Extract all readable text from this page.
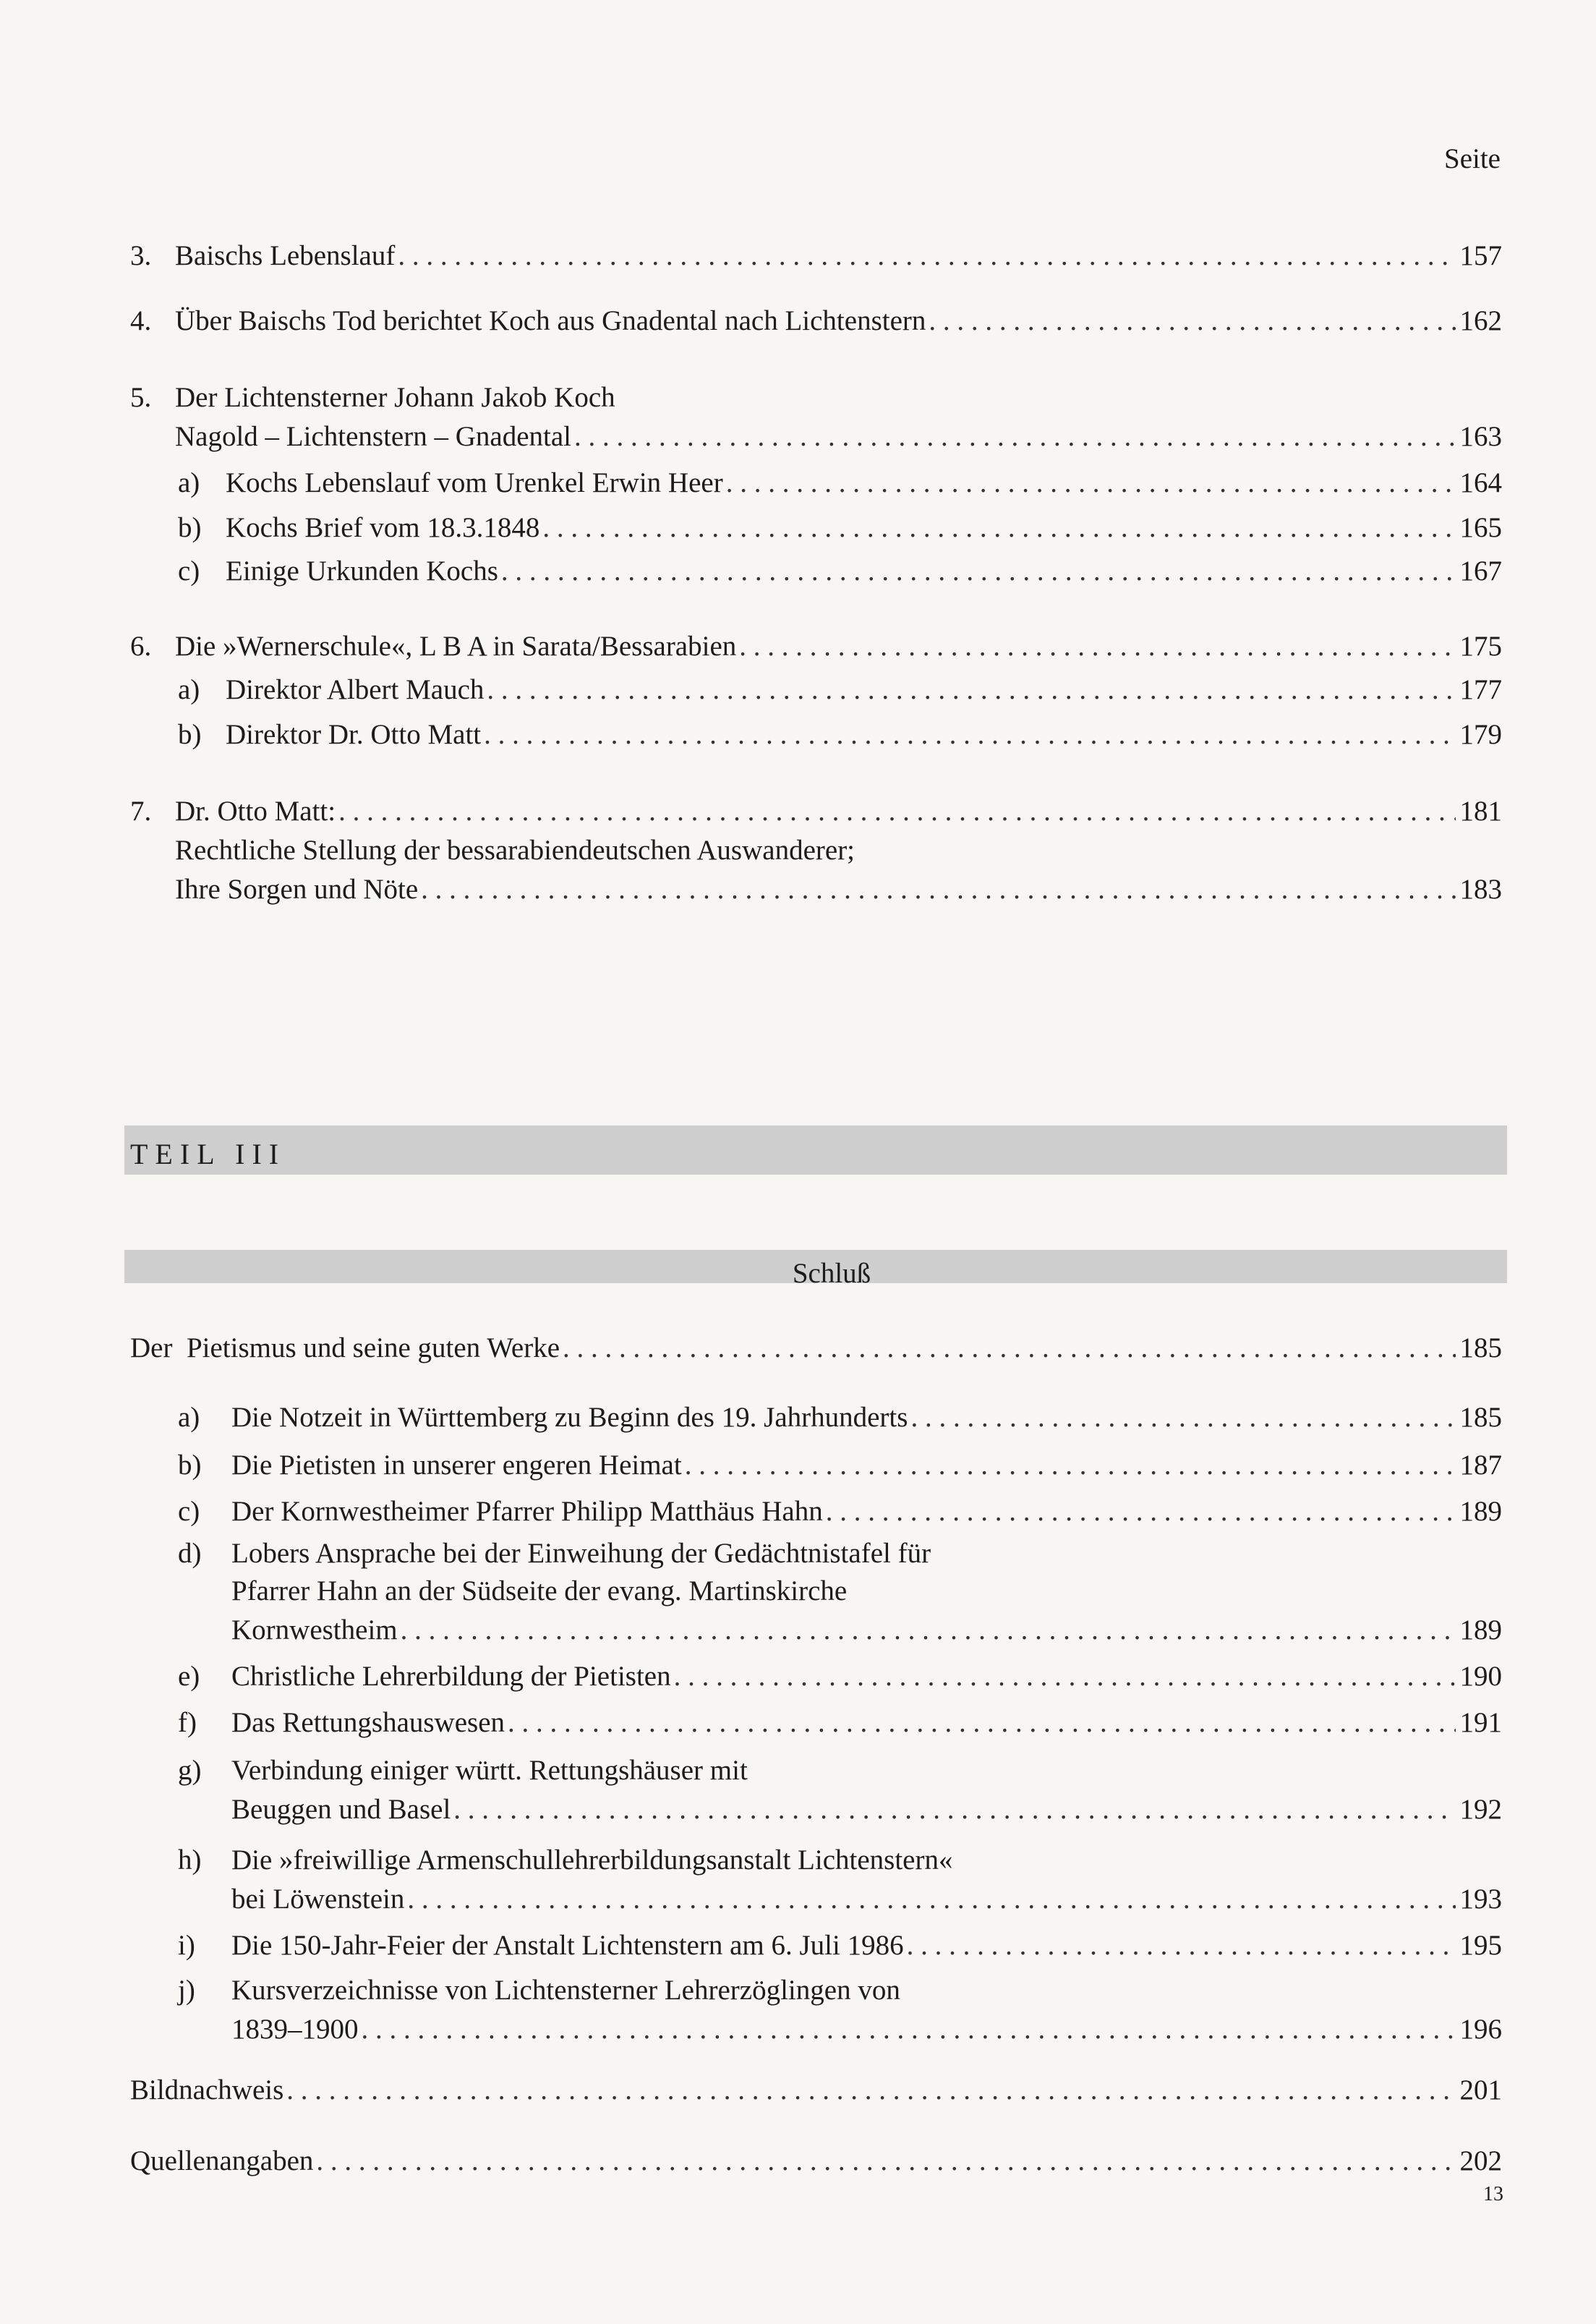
Seite
3. Baischs Lebenslauf . . .	157
4. Über Baischs Tod berichtet Koch aus Gnadental nach Lichtenstern . . .	162
5. Der Lichtensterner Johann Jakob Koch
Nagold – Lichtenstern – Gnadental . . .	163
a) Kochs Lebenslauf vom Urenkel Erwin Heer . . .	164
b) Kochs Brief vom 18.3.1848 . . .	165
c) Einige Urkunden Kochs . . .	167
6. Die »Wernerschule«, L B A in Sarata/Bessarabien . . .	175
a) Direktor Albert Mauch . . .	177
b) Direktor Dr. Otto Matt . . .	179
7. Dr. Otto Matt: . . .	181
Rechtliche Stellung der bessarabiendeutschen Auswanderer;
Ihre Sorgen und Nöte . . .	183
TEIL III
Schluß
Der  Pietismus und seine guten Werke . . .	185
a) Die Notzeit in Württemberg zu Beginn des 19. Jahrhunderts . . .	185
b) Die Pietisten in unserer engeren Heimat . . .	187
c) Der Kornwestheimer Pfarrer Philipp Matthäus Hahn . . .	189
d) Lobers Ansprache bei der Einweihung der Gedächtnistafel für
Pfarrer Hahn an der Südseite der evang. Martinskirche
Kornwestheim . . .	189
e) Christliche Lehrerbildung der Pietisten . . .	190
f) Das Rettungshauswesen . . .	191
g) Verbindung einiger württ. Rettungshäuser mit
Beuggen und Basel . . .	192
h) Die »freiwillige Armenschullehrerbildungsanstalt Lichtenstern«
bei Löwenstein . . .	193
i) Die 150-Jahr-Feier der Anstalt Lichtenstern am 6. Juli 1986 . . .	195
j) Kursverzeichnisse von Lichtensterner Lehrerzöglingen von
1839–1900 . . .	196
Bildnachweis . . .	201
Quellenangaben . . .	202
13
